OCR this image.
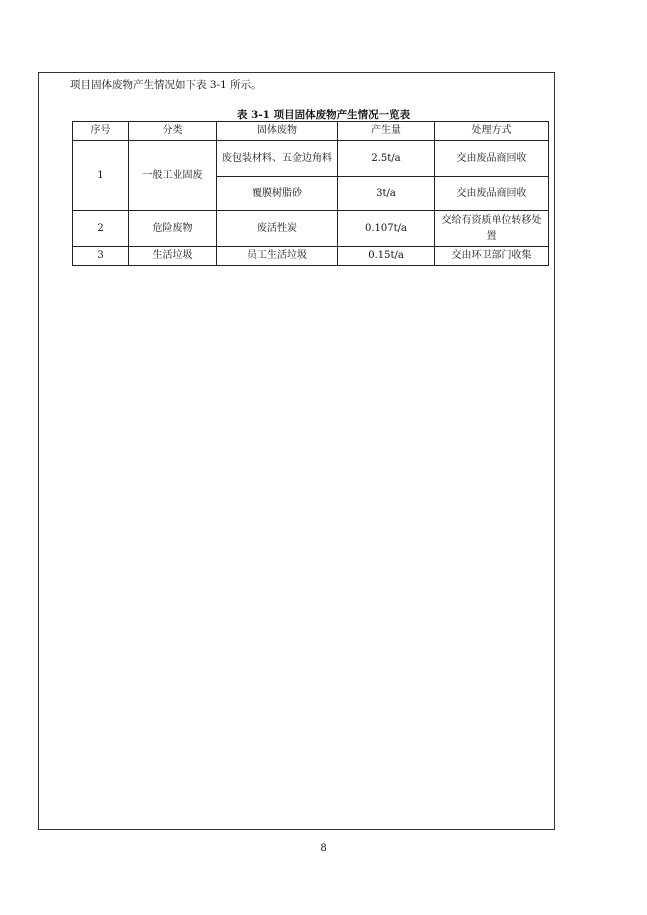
项目固体废物产生情况如下表 3-1 所示。
表 3-1 项目固体废物产生情况一览表
序号	分类	固体废物	产生量	处理方式
1	一般工业固废	废包装材料、五金边角料	2.5t/a	交由废品商回收
		覆膜树脂砂	3t/a	交由废品商回收
2	危险废物	废活性炭	0.107t/a	交给有资质单位转移处置
3	生活垃圾	员工生活垃圾	0.15t/a	交由环卫部门收集
8
